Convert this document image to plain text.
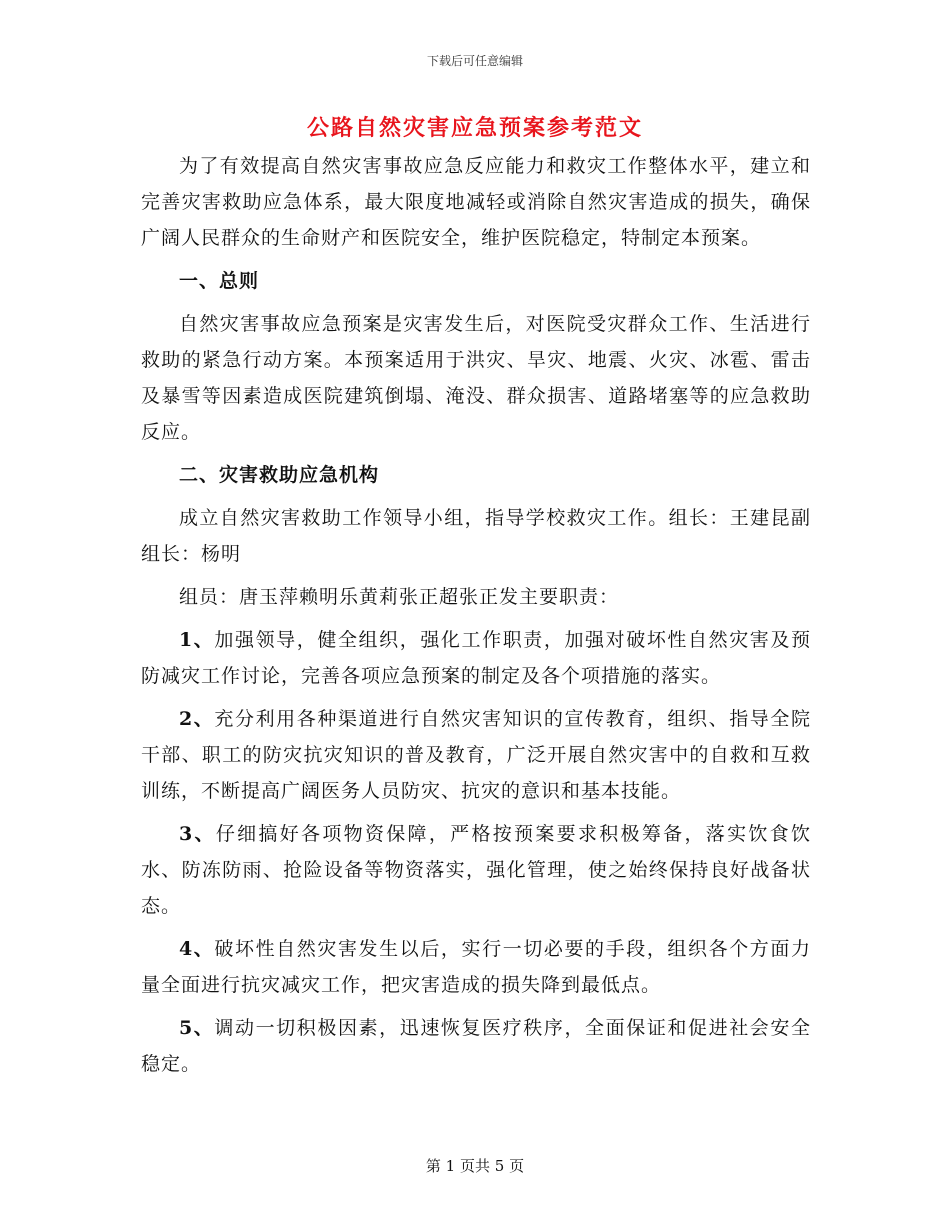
下载后可任意编辑
公路自然灾害应急预案参考范文

为了有效提高自然灾害事故应急反应能力和救灾工作整体水平，建立和完善灾害救助应急体系，最大限度地减轻或消除自然灾害造成的损失，确保广阔人民群众的生命财产和医院安全，维护医院稳定，特制定本预案。

一、总则

自然灾害事故应急预案是灾害发生后，对医院受灾群众工作、生活进行救助的紧急行动方案。本预案适用于洪灾、旱灾、地震、火灾、冰雹、雷击及暴雪等因素造成医院建筑倒塌、淹没、群众损害、道路堵塞等的应急救助反应。

二、灾害救助应急机构

成立自然灾害救助工作领导小组，指导学校救灾工作。组长：王建昆副组长：杨明

组员：唐玉萍赖明乐黄莉张正超张正发主要职责：

1、加强领导，健全组织，强化工作职责，加强对破坏性自然灾害及预防减灾工作讨论，完善各项应急预案的制定及各个项措施的落实。

2、充分利用各种渠道进行自然灾害知识的宣传教育，组织、指导全院干部、职工的防灾抗灾知识的普及教育，广泛开展自然灾害中的自救和互救训练，不断提高广阔医务人员防灾、抗灾的意识和基本技能。

3、仔细搞好各项物资保障，严格按预案要求积极筹备，落实饮食饮水、防冻防雨、抢险设备等物资落实，强化管理，使之始终保持良好战备状态。

4、破坏性自然灾害发生以后，实行一切必要的手段，组织各个方面力量全面进行抗灾减灾工作，把灾害造成的损失降到最低点。

5、调动一切积极因素，迅速恢复医疗秩序，全面保证和促进社会安全稳定。

第 1 页共 5 页
